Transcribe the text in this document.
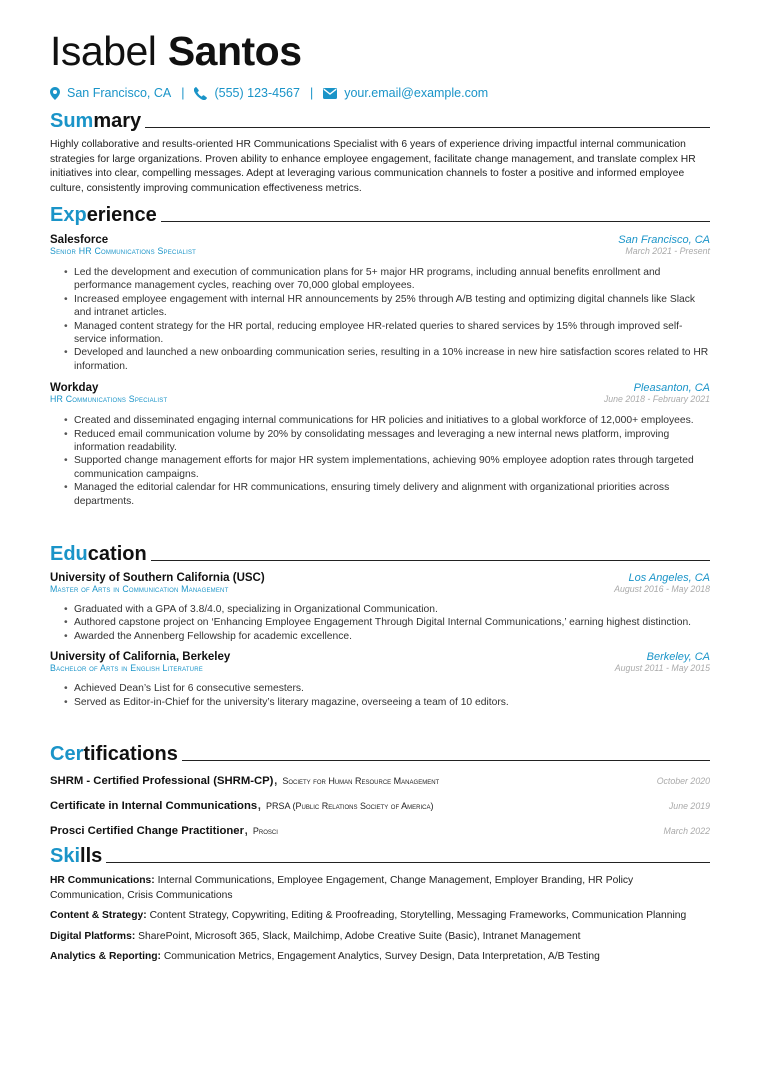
Isabel Santos
San Francisco, CA | (555) 123-4567 | your.email@example.com
Summary
Highly collaborative and results-oriented HR Communications Specialist with 6 years of experience driving impactful internal communication strategies for large organizations. Proven ability to enhance employee engagement, facilitate change management, and translate complex HR initiatives into clear, compelling messages. Adept at leveraging various communication channels to foster a positive and informed employee culture, consistently improving communication effectiveness metrics.
Experience
Salesforce	San Francisco, CA
Senior HR Communications Specialist	March 2021 - Present
• Led the development and execution of communication plans for 5+ major HR programs, including annual benefits enrollment and performance management cycles, reaching over 70,000 global employees.
• Increased employee engagement with internal HR announcements by 25% through A/B testing and optimizing digital channels like Slack and intranet articles.
• Managed content strategy for the HR portal, reducing employee HR-related queries to shared services by 15% through improved self-service information.
• Developed and launched a new onboarding communication series, resulting in a 10% increase in new hire satisfaction scores related to HR information.
Workday	Pleasanton, CA
HR Communications Specialist	June 2018 - February 2021
• Created and disseminated engaging internal communications for HR policies and initiatives to a global workforce of 12,000+ employees.
• Reduced email communication volume by 20% by consolidating messages and leveraging a new internal news platform, improving information readability.
• Supported change management efforts for major HR system implementations, achieving 90% employee adoption rates through targeted communication campaigns.
• Managed the editorial calendar for HR communications, ensuring timely delivery and alignment with organizational priorities across departments.
Education
University of Southern California (USC)	Los Angeles, CA
Master of Arts in Communication Management	August 2016 - May 2018
• Graduated with a GPA of 3.8/4.0, specializing in Organizational Communication.
• Authored capstone project on ‘Enhancing Employee Engagement Through Digital Internal Communications,’ earning highest distinction.
• Awarded the Annenberg Fellowship for academic excellence.
University of California, Berkeley	Berkeley, CA
Bachelor of Arts in English Literature	August 2011 - May 2015
• Achieved Dean’s List for 6 consecutive semesters.
• Served as Editor-in-Chief for the university’s literary magazine, overseeing a team of 10 editors.
Certifications
SHRM - Certified Professional (SHRM-CP), Society for Human Resource Management	October 2020
Certificate in Internal Communications, PRSA (Public Relations Society of America)	June 2019
Prosci Certified Change Practitioner, Prosci	March 2022
Skills
HR Communications: Internal Communications, Employee Engagement, Change Management, Employer Branding, HR Policy Communication, Crisis Communications
Content & Strategy: Content Strategy, Copywriting, Editing & Proofreading, Storytelling, Messaging Frameworks, Communication Planning
Digital Platforms: SharePoint, Microsoft 365, Slack, Mailchimp, Adobe Creative Suite (Basic), Intranet Management
Analytics & Reporting: Communication Metrics, Engagement Analytics, Survey Design, Data Interpretation, A/B Testing
